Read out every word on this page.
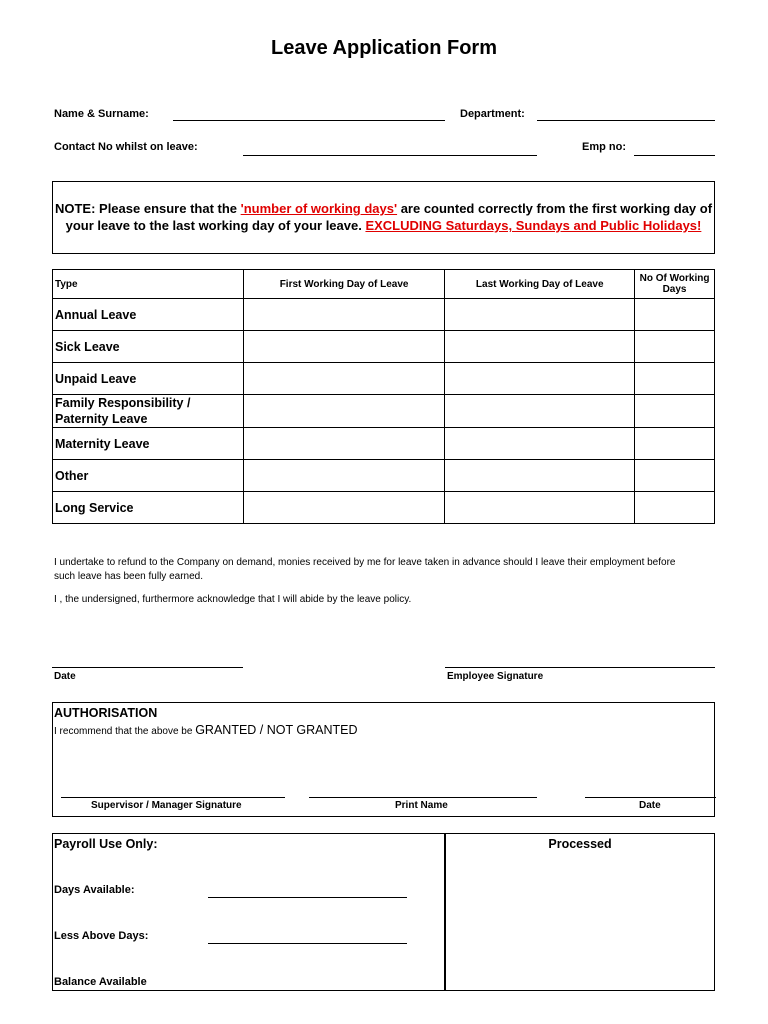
Leave Application Form
Name & Surname:	Department:
Contact No whilst on leave:	Emp no:
NOTE: Please ensure that the 'number of working days' are counted correctly from the first working day of your leave to the last working day of your leave. EXCLUDING Saturdays, Sundays and Public Holidays!
Type	First Working Day of Leave	Last Working Day of Leave	No Of Working Days
Annual Leave			
Sick Leave			
Unpaid Leave			
Family Responsibility / Paternity Leave			
Maternity Leave			
Other			
Long Service			
I undertake to refund to the Company on demand, monies received by me for leave taken in advance should I leave their employment before such leave has been fully earned.
I , the undersigned, furthermore acknowledge that I will abide by the leave policy.
Date	Employee Signature
AUTHORISATION
I recommend that the above be GRANTED / NOT GRANTED
Supervisor / Manager Signature	Print Name	Date
Payroll Use Only:	Processed
Days Available:
Less Above Days:
Balance Available
